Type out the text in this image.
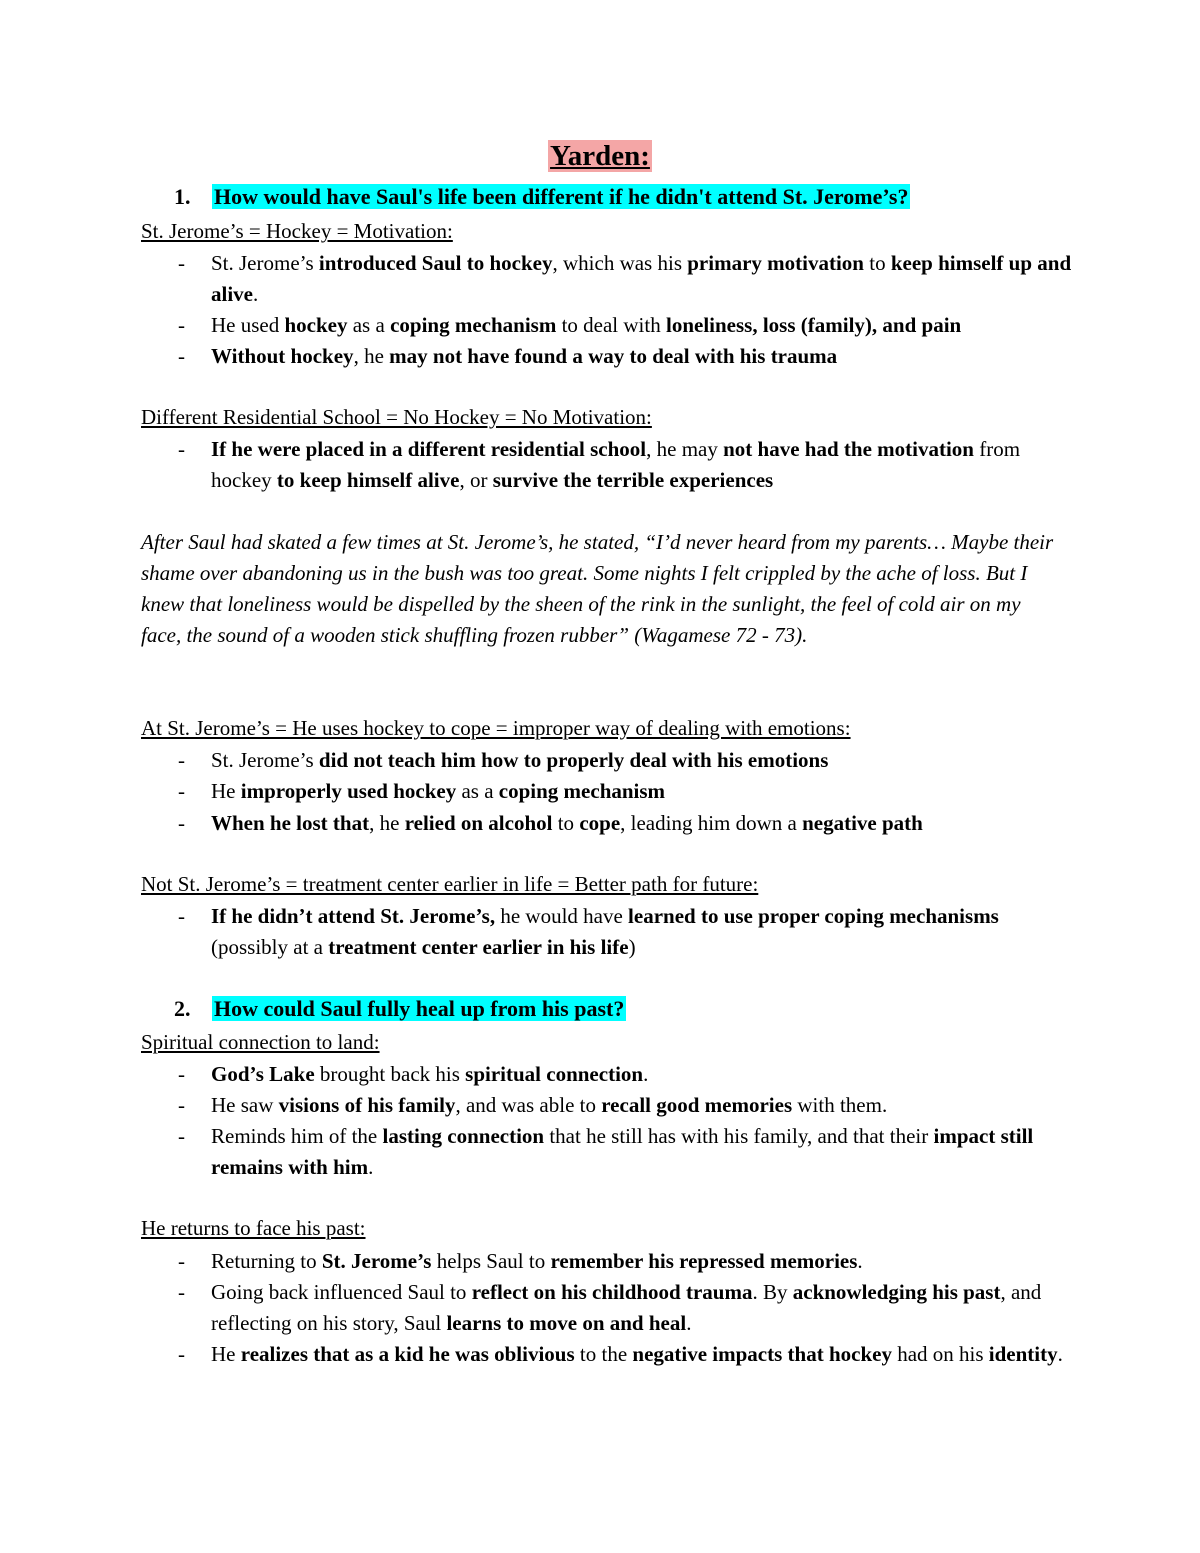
Yarden:
1. How would have Saul's life been different if he didn't attend St. Jerome’s?
St. Jerome’s = Hockey = Motivation:
- St. Jerome’s introduced Saul to hockey, which was his primary motivation to keep himself up and alive.
- He used hockey as a coping mechanism to deal with loneliness, loss (family), and pain
- Without hockey, he may not have found a way to deal with his trauma
Different Residential School = No Hockey = No Motivation:
- If he were placed in a different residential school, he may not have had the motivation from hockey to keep himself alive, or survive the terrible experiences
After Saul had skated a few times at St. Jerome’s, he stated, “I’d never heard from my parents… Maybe their shame over abandoning us in the bush was too great. Some nights I felt crippled by the ache of loss. But I knew that loneliness would be dispelled by the sheen of the rink in the sunlight, the feel of cold air on my face, the sound of a wooden stick shuffling frozen rubber” (Wagamese 72 - 73).
At St. Jerome’s = He uses hockey to cope = improper way of dealing with emotions:
- St. Jerome’s did not teach him how to properly deal with his emotions
- He improperly used hockey as a coping mechanism
- When he lost that, he relied on alcohol to cope, leading him down a negative path
Not St. Jerome’s = treatment center earlier in life = Better path for future:
- If he didn’t attend St. Jerome’s, he would have learned to use proper coping mechanisms (possibly at a treatment center earlier in his life)
2. How could Saul fully heal up from his past?
Spiritual connection to land:
- God’s Lake brought back his spiritual connection.
- He saw visions of his family, and was able to recall good memories with them.
- Reminds him of the lasting connection that he still has with his family, and that their impact still remains with him.
He returns to face his past:
- Returning to St. Jerome’s helps Saul to remember his repressed memories.
- Going back influenced Saul to reflect on his childhood trauma. By acknowledging his past, and reflecting on his story, Saul learns to move on and heal.
- He realizes that as a kid he was oblivious to the negative impacts that hockey had on his identity.
